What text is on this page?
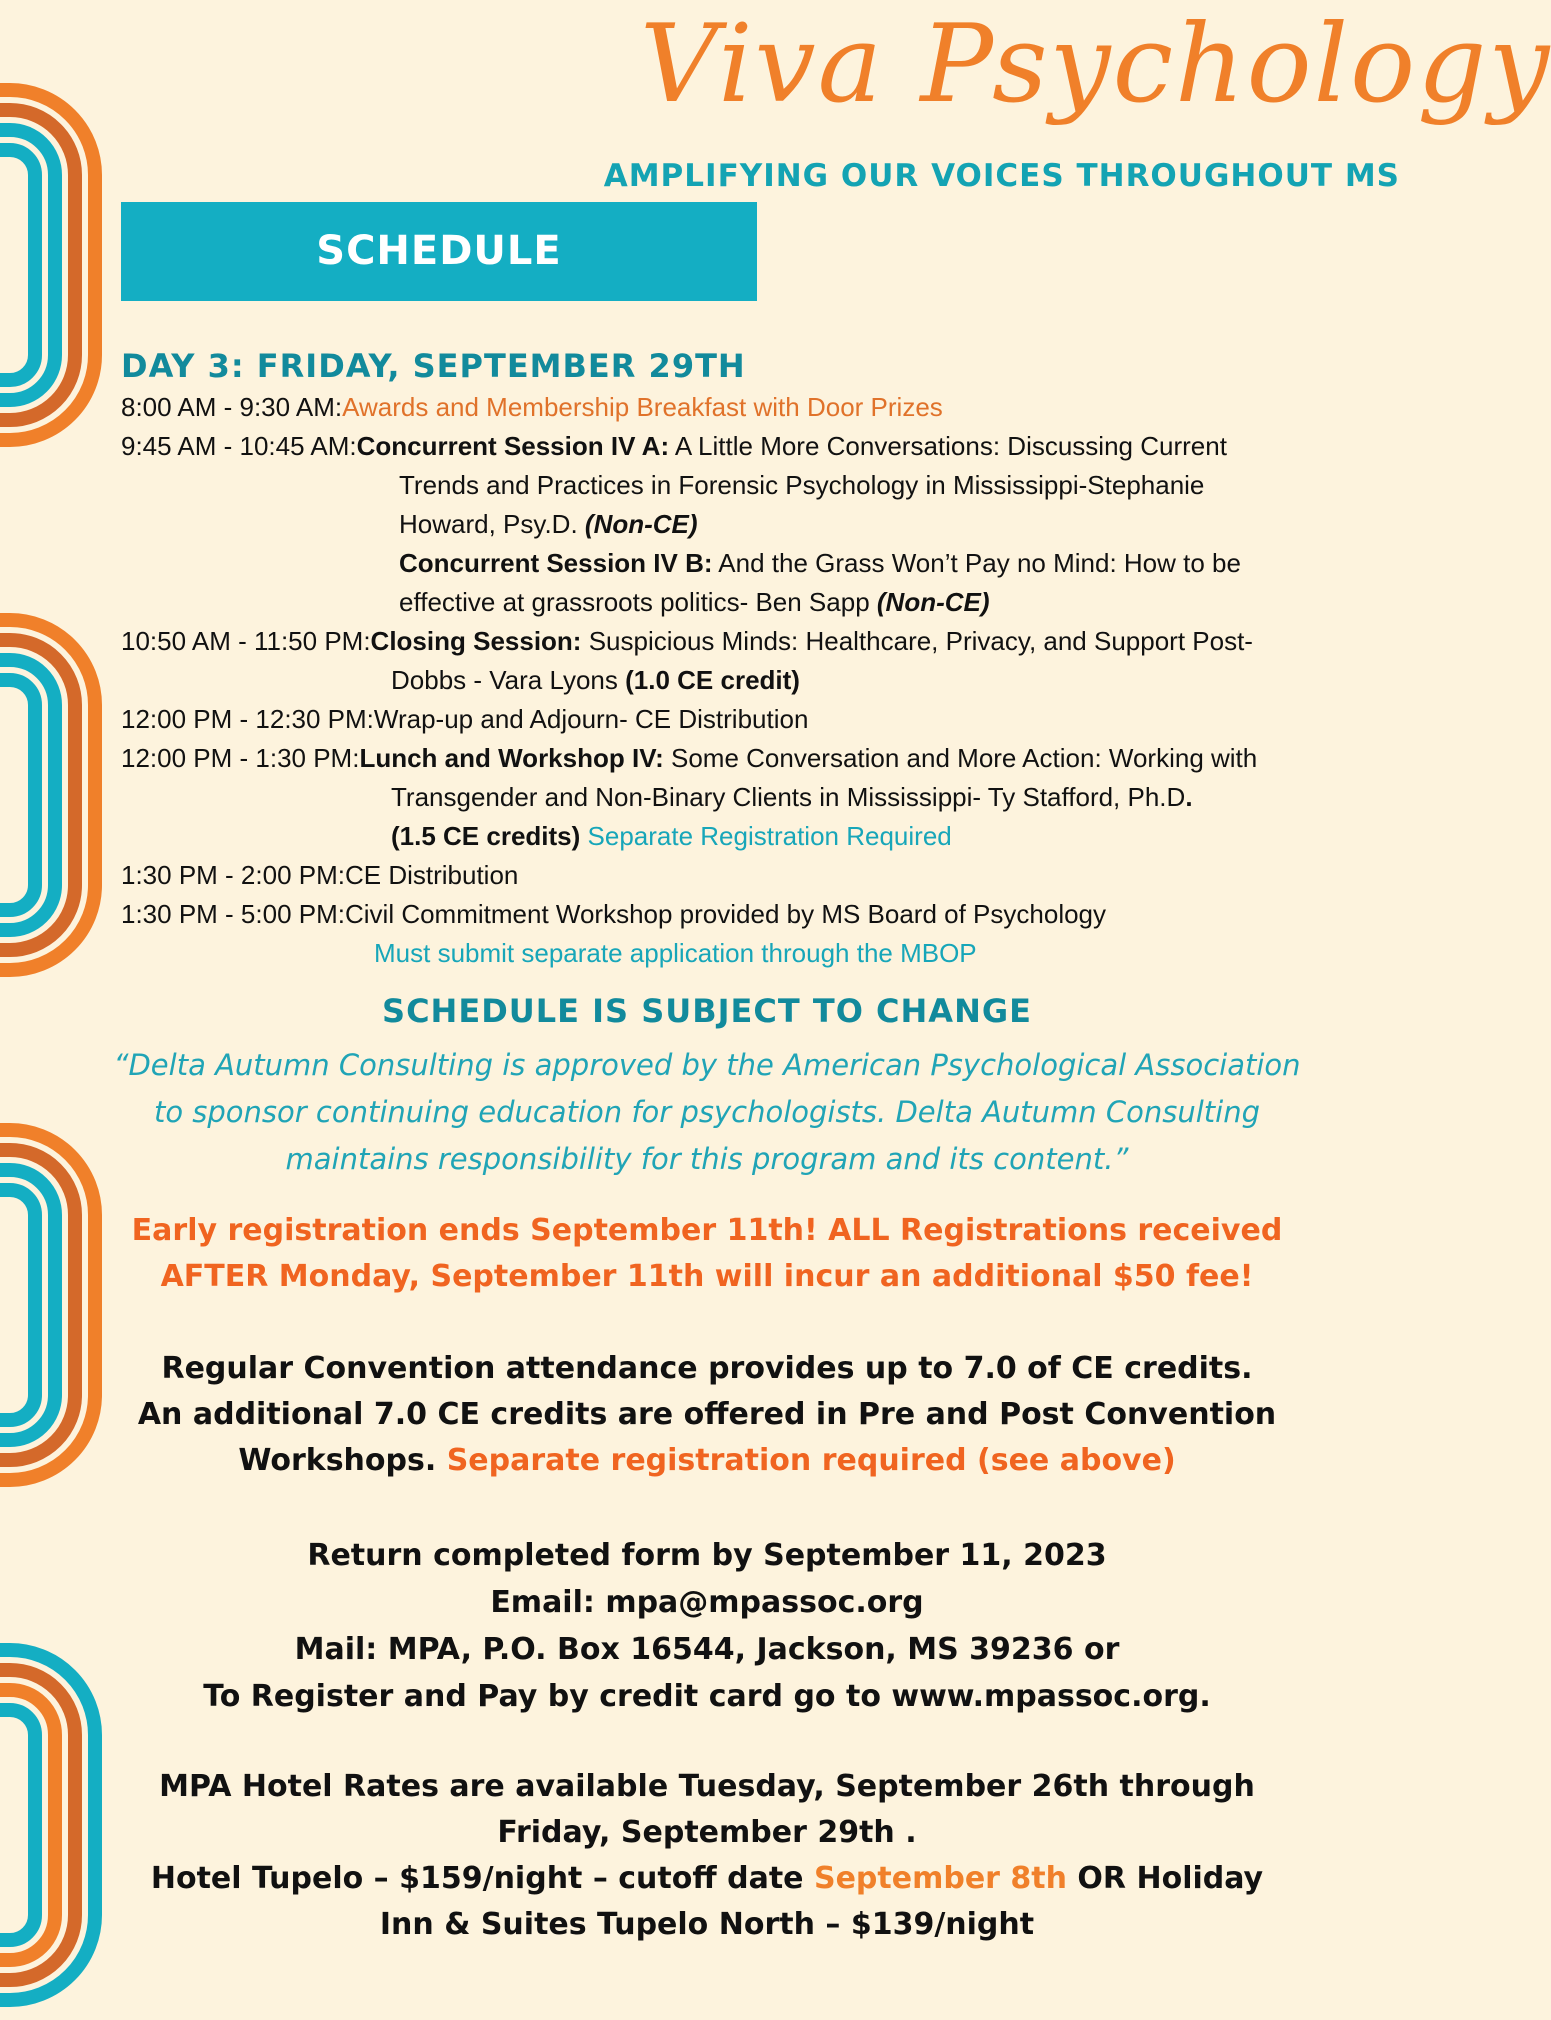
Viva Psychology
AMPLIFYING OUR VOICES THROUGHOUT MS
SCHEDULE
DAY 3: FRIDAY, SEPTEMBER 29TH
8:00 AM - 9:30 AM: Awards and Membership Breakfast with Door Prizes
9:45 AM - 10:45 AM: Concurrent Session IV A: A Little More Conversations: Discussing Current
Trends and Practices in Forensic Psychology in Mississippi-Stephanie
Howard, Psy.D. (Non-CE)
Concurrent Session IV B: And the Grass Won’t Pay no Mind: How to be
effective at grassroots politics- Ben Sapp (Non-CE)
10:50 AM - 11:50 PM: Closing Session: Suspicious Minds: Healthcare, Privacy, and Support Post-
Dobbs - Vara Lyons (1.0 CE credit)
12:00 PM - 12:30 PM: Wrap-up and Adjourn- CE Distribution
12:00 PM - 1:30 PM: Lunch and Workshop IV: Some Conversation and More Action: Working with
Transgender and Non-Binary Clients in Mississippi- Ty Stafford, Ph.D.
(1.5 CE credits) Separate Registration Required
1:30 PM - 2:00 PM: CE Distribution
1:30 PM - 5:00 PM: Civil Commitment Workshop provided by MS Board of Psychology
Must submit separate application through the MBOP
SCHEDULE IS SUBJECT TO CHANGE
“Delta Autumn Consulting is approved by the American Psychological Association
to sponsor continuing education for psychologists. Delta Autumn Consulting
maintains responsibility for this program and its content.”
Early registration ends September 11th! ALL Registrations received
AFTER Monday, September 11th will incur an additional $50 fee!
Regular Convention attendance provides up to 7.0 of CE credits.
An additional 7.0 CE credits are offered in Pre and Post Convention
Workshops. Separate registration required (see above)
Return completed form by September 11, 2023
Email: mpa@mpassoc.org
Mail: MPA, P.O. Box 16544, Jackson, MS 39236 or
To Register and Pay by credit card go to www.mpassoc.org.
MPA Hotel Rates are available Tuesday, September 26th through
Friday, September 29th .
Hotel Tupelo – $159/night – cutoff date September 8th OR Holiday
Inn & Suites Tupelo North – $139/night
